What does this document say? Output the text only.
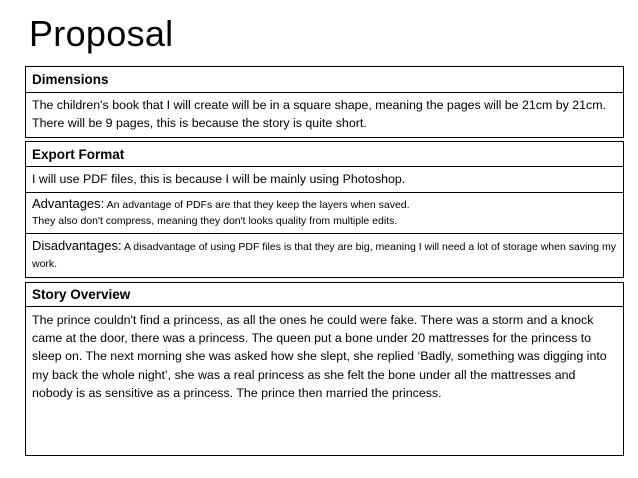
Proposal
Dimensions
The children's book that I will create will be in a square shape, meaning the pages will be 21cm by 21cm. There will be 9 pages, this is because the story is quite short.
Export Format
I will use PDF files, this is because I will be mainly using Photoshop.
Advantages: An advantage of PDFs are that they keep the layers when saved.
They also don't compress, meaning they don't looks quality from multiple edits.
Disadvantages: A disadvantage of using PDF files is that they are big, meaning I will need a lot of storage when saving my work.
Story Overview
The prince couldn't find a princess, as all the ones he could were fake. There was a storm and a knock came at the door, there was a princess. The queen put a bone under 20 mattresses for the princess to sleep on. The next morning she was asked how she slept, she replied ‘Badly, something was digging into my back the whole night’, she was a real princess as she felt the bone under all the mattresses and nobody is as sensitive as a princess. The prince then married the princess.
